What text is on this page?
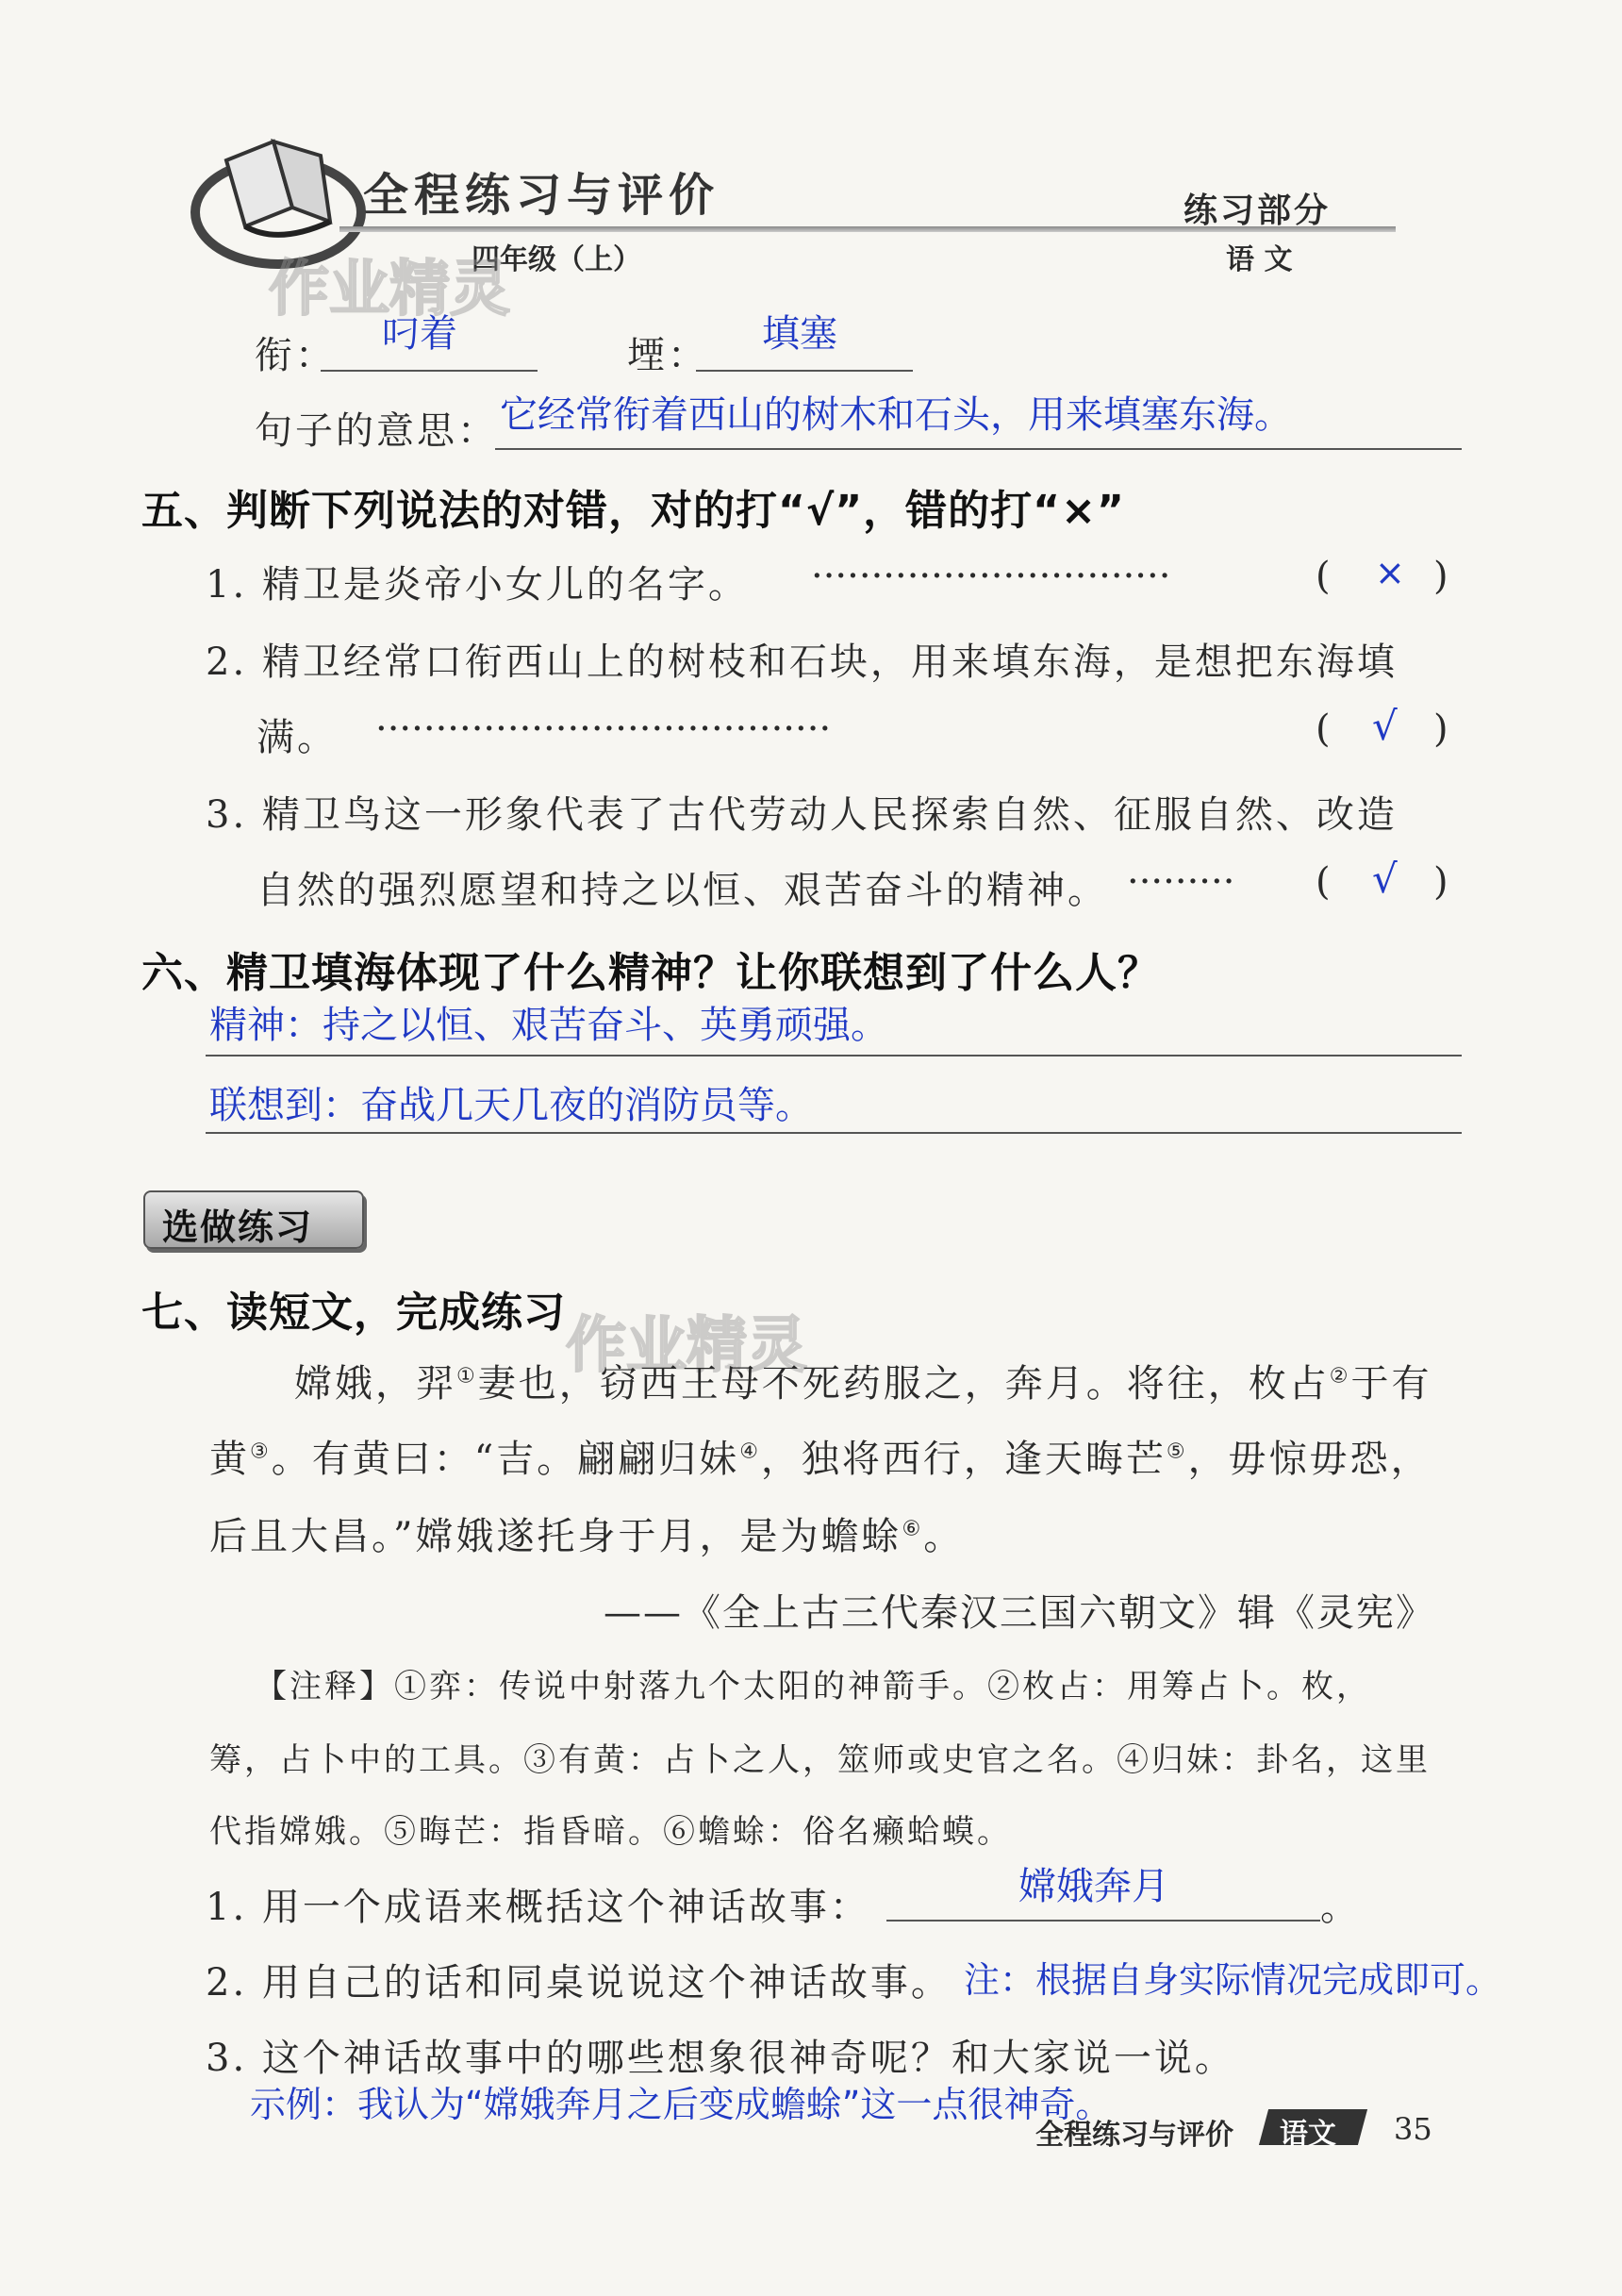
全程练习与评价
四年级（上）
练习部分
语 文
作业精灵
作业精灵
衔： 叼着	堙： 填塞
句子的意思： 它经常衔着西山的树木和石头，用来填塞东海。
五、判断下列说法的对错，对的打“√”，错的打“×”
1. 精卫是炎帝小女儿的名字。 ······························	( × )
2. 精卫经常口衔西山上的树枝和石块，用来填东海，是想把东海填
满。 ······································	( √ )
3. 精卫鸟这一形象代表了古代劳动人民探索自然、征服自然、改造
自然的强烈愿望和持之以恒、艰苦奋斗的精神。 ········· ( √ )
六、精卫填海体现了什么精神？让你联想到了什么人？
精神：持之以恒、艰苦奋斗、英勇顽强。
联想到：奋战几天几夜的消防员等。
选做练习
七、读短文，完成练习
嫦娥，羿①妻也，窃西王母不死药服之，奔月。将往，枚占②于有
黄③。有黄曰：“吉。翩翩归妹④，独将西行，逢天晦芒⑤，毋惊毋恐，
后且大昌。”嫦娥遂托身于月，是为蟾蜍⑥。
——《全上古三代秦汉三国六朝文》辑《灵宪》
【注释】①弈：传说中射落九个太阳的神箭手。②枚占：用筹占卜。枚，
筹，占卜中的工具。③有黄：占卜之人，筮师或史官之名。④归妹：卦名，这里
代指嫦娥。⑤晦芒：指昏暗。⑥蟾蜍：俗名癞蛤蟆。
1. 用一个成语来概括这个神话故事：	嫦娥奔月	。
2. 用自己的话和同桌说说这个神话故事。 注：根据自身实际情况完成即可。
3. 这个神话故事中的哪些想象很神奇呢？和大家说一说。
示例：我认为“嫦娥奔月之后变成蟾蜍”这一点很神奇。
全程练习与评价 语文 35
